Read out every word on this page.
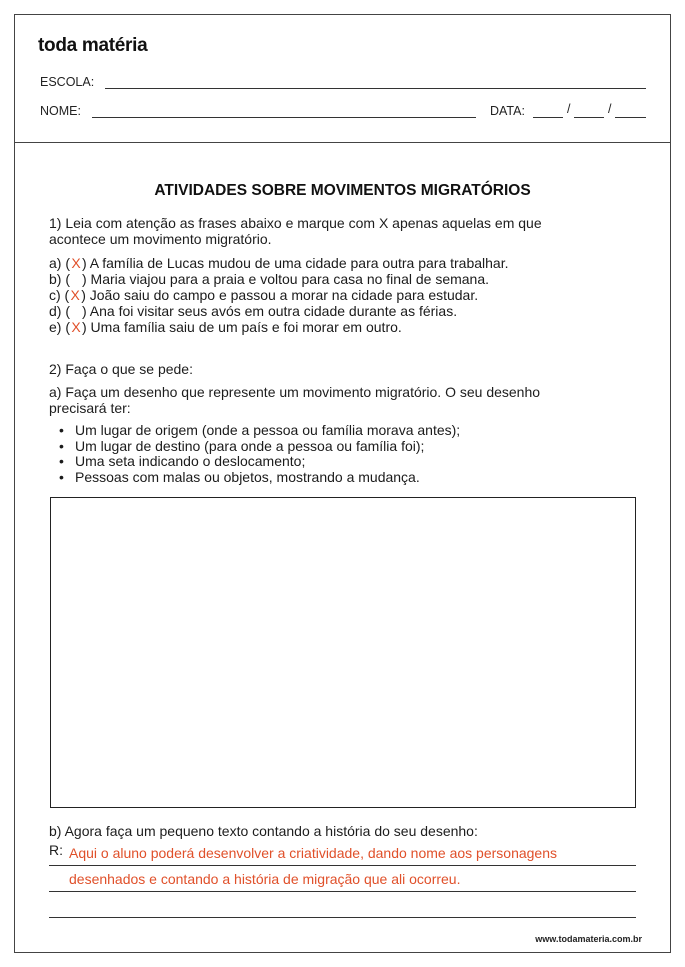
toda matéria
ESCOLA:
NOME:	DATA:	/	/
ATIVIDADES SOBRE MOVIMENTOS MIGRATÓRIOS
1) Leia com atenção as frases abaixo e marque com X apenas aquelas em que
acontece um movimento migratório.
a) (X) A família de Lucas mudou de uma cidade para outra para trabalhar.
b) ( ) Maria viajou para a praia e voltou para casa no final de semana.
c) (X) João saiu do campo e passou a morar na cidade para estudar.
d) ( ) Ana foi visitar seus avós em outra cidade durante as férias.
e) (X) Uma família saiu de um país e foi morar em outro.
2) Faça o que se pede:
a) Faça um desenho que represente um movimento migratório. O seu desenho
precisará ter:
• Um lugar de origem (onde a pessoa ou família morava antes);
• Um lugar de destino (para onde a pessoa ou família foi);
• Uma seta indicando o deslocamento;
• Pessoas com malas ou objetos, mostrando a mudança.
b) Agora faça um pequeno texto contando a história do seu desenho:
R: Aqui o aluno poderá desenvolver a criatividade, dando nome aos personagens
desenhados e contando a história de migração que ali ocorreu.
www.todamateria.com.br
